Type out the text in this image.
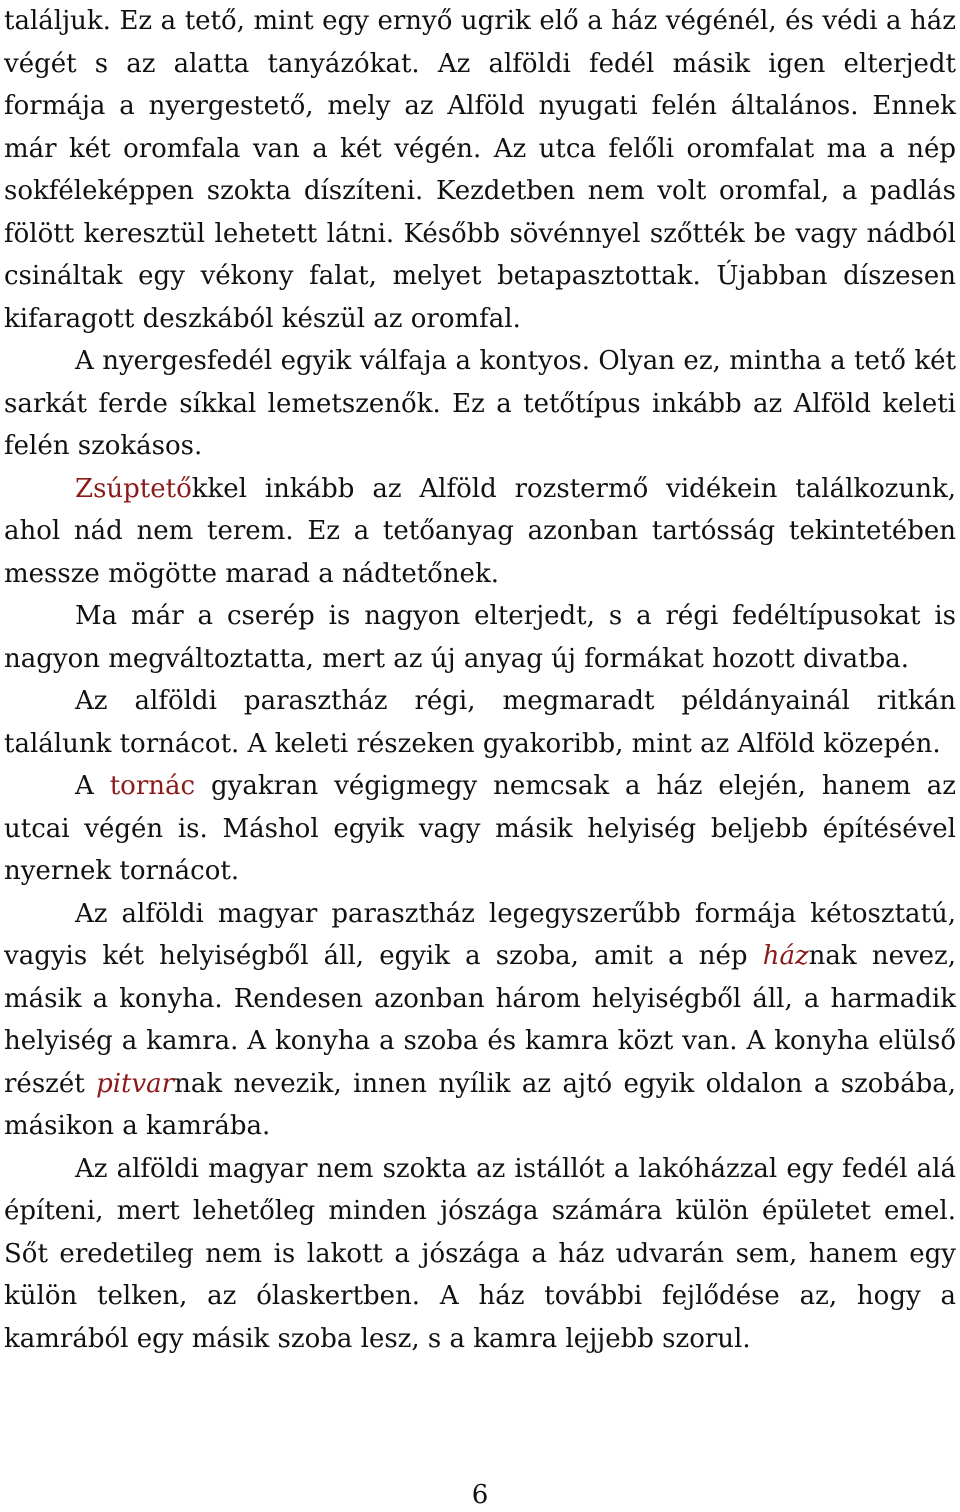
találjuk. Ez a tető, mint egy ernyő ugrik elő a ház végénél, és védi a ház végét s az alatta tanyázókat. Az alföldi fedél másik igen elterjedt formája a nyergestető, mely az Alföld nyugati felén általános. Ennek már két oromfala van a két végén. Az utca felőli oromfalat ma a nép sokféleképpen szokta díszíteni. Kezdetben nem volt oromfal, a padlás fölött keresztül lehetett látni. Később sövénnyel szőtték be vagy nádból csináltak egy vékony falat, melyet betapasztottak. Újabban díszesen kifaragott deszkából készül az oromfal.

A nyergesfedél egyik válfaja a kontyos. Olyan ez, mintha a tető két sarkát ferde síkkal lemetszenők. Ez a tetőtípus inkább az Alföld keleti felén szokásos.

Zsúptetőkkel inkább az Alföld rozstermő vidékein találkozunk, ahol nád nem terem. Ez a tetőanyag azonban tartósság tekintetében messze mögötte marad a nádtetőnek.

Ma már a cserép is nagyon elterjedt, s a régi fedéltípusokat is nagyon megváltoztatta, mert az új anyag új formákat hozott divatba.

Az alföldi parasztház régi, megmaradt példányainál ritkán találunk tornácot. A keleti részeken gyakoribb, mint az Alföld közepén.

A tornác gyakran végigmegy nemcsak a ház elején, hanem az utcai végén is. Máshol egyik vagy másik helyiség beljebb építésével nyernek tornácot.

Az alföldi magyar parasztház legegyszerűbb formája kétosztatú, vagyis két helyiségből áll, egyik a szoba, amit a nép háznak nevez, másik a konyha. Rendesen azonban három helyiségből áll, a harmadik helyiség a kamra. A konyha a szoba és kamra közt van. A konyha elülső részét pitvarnak nevezik, innen nyílik az ajtó egyik oldalon a szobába, másikon a kamrába.

Az alföldi magyar nem szokta az istállót a lakóházzal egy fedél alá építeni, mert lehetőleg minden jószága számára külön épületet emel. Sőt eredetileg nem is lakott a jószága a ház udvarán sem, hanem egy külön telken, az ólaskertben. A ház további fejlődése az, hogy a kamrából egy másik szoba lesz, s a kamra lejjebb szorul.

6
